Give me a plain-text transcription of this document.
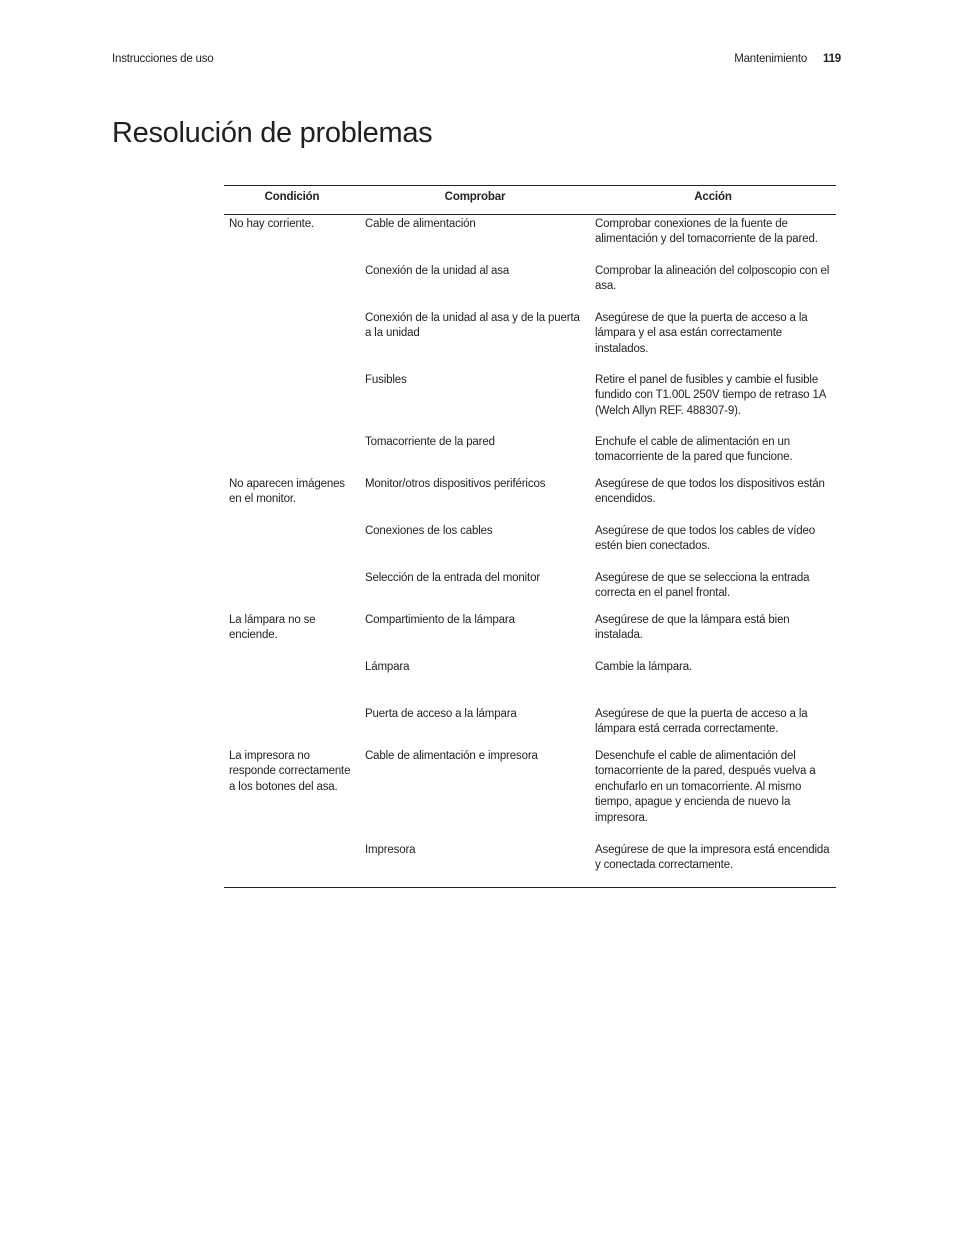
Instrucciones de uso	Mantenimiento 119
Resolución de problemas
Condición	Comprobar	Acción
No hay corriente.	Cable de alimentación	Comprobar conexiones de la fuente de alimentación y del tomacorriente de la pared.
	Conexión de la unidad al asa	Comprobar la alineación del colposcopio con el asa.
	Conexión de la unidad al asa y de la puerta a la unidad	Asegúrese de que la puerta de acceso a la lámpara y el asa están correctamente instalados.
	Fusibles	Retire el panel de fusibles y cambie el fusible fundido con T1.00L 250V tiempo de retraso 1A (Welch Allyn REF. 488307-9).
	Tomacorriente de la pared	Enchufe el cable de alimentación en un tomacorriente de la pared que funcione.
No aparecen imágenes en el monitor.	Monitor/otros dispositivos periféricos	Asegúrese de que todos los dispositivos están encendidos.
	Conexiones de los cables	Asegúrese de que todos los cables de vídeo estén bien conectados.
	Selección de la entrada del monitor	Asegúrese de que se selecciona la entrada correcta en el panel frontal.
La lámpara no se enciende.	Compartimiento de la lámpara	Asegúrese de que la lámpara está bien instalada.
	Lámpara	Cambie la lámpara.
	Puerta de acceso a la lámpara	Asegúrese de que la puerta de acceso a la lámpara está cerrada correctamente.
La impresora no responde correctamente a los botones del asa.	Cable de alimentación e impresora	Desenchufe el cable de alimentación del tomacorriente de la pared, después vuelva a enchufarlo en un tomacorriente. Al mismo tiempo, apague y encienda de nuevo la impresora.
	Impresora	Asegúrese de que la impresora está encendida y conectada correctamente.
